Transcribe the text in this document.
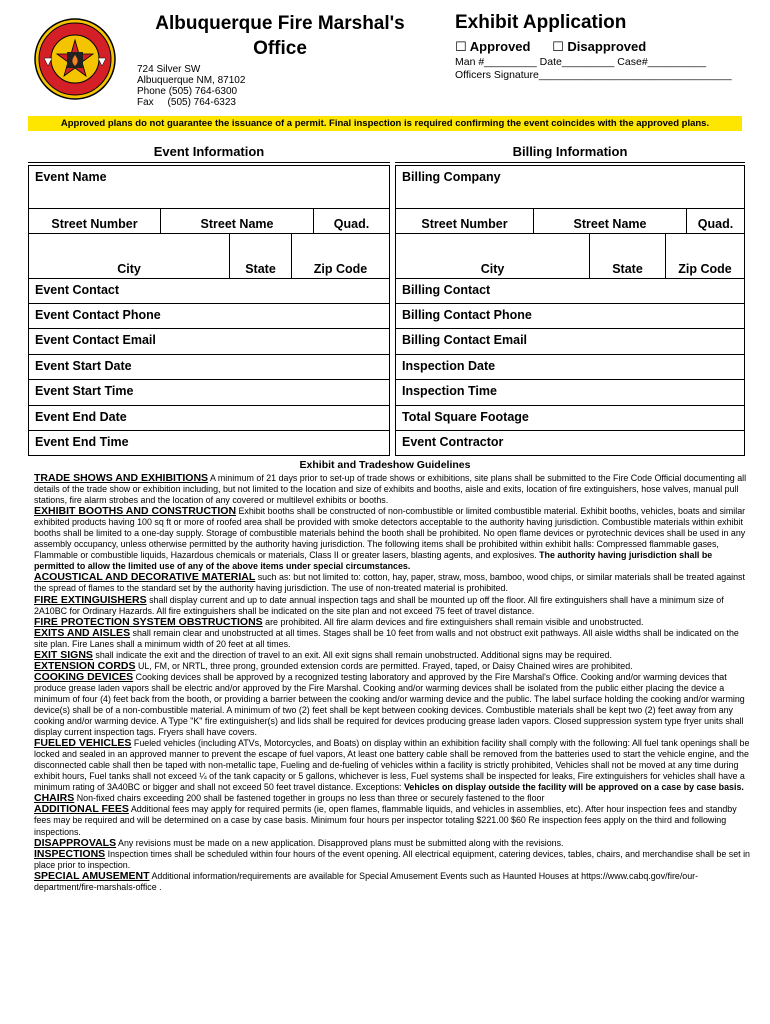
Albuquerque Fire Marshal's Office
724 Silver SW
Albuquerque NM, 87102
Phone (505) 764-6300
Fax     (505) 764-6323
Exhibit Application
☐ Approved ☐ Disapproved
Man #_________ Date_________ Case#__________
Officers Signature_________________________________
Approved plans do not guarantee the issuance of a permit. Final inspection is required confirming the event coincides with the approved plans.
Event Information
Event Name
Street Number	Street Name	Quad.
City	State	Zip Code
Event Contact
Event Contact Phone
Event Contact Email
Event Start Date
Event Start Time
Event End Date
Event End Time
Billing Information
Billing Company
Street Number	Street Name	Quad.
City	State	Zip Code
Billing Contact
Billing Contact Phone
Billing Contact Email
Inspection Date
Inspection Time
Total Square Footage
Event Contractor
Exhibit and Tradeshow Guidelines

TRADE SHOWS AND EXHIBITIONS A minimum of 21 days prior to set-up of trade shows or exhibitions, site plans shall be submitted to the Fire Code Official documenting all details of the trade show or exhibition including, but not limited to the location and size of exhibits and booths, aisle and exits, location of fire extinguishers, hose valves, manual pull stations, fire alarm strobes and the location of any covered or multilevel exhibits or booths.

EXHIBIT BOOTHS AND CONSTRUCTION Exhibit booths shall be constructed of non-combustible or limited combustible material. Exhibit booths, vehicles, boats and similar exhibited products having 100 sq ft or more of roofed area shall be provided with smoke detectors acceptable to the authority having jurisdiction. Combustible materials within exhibit booths shall be limited to a one-day supply. Storage of combustible materials behind the booth shall be prohibited. No open flame devices or pyrotechnic devices shall be used in any assembly occupancy, unless otherwise permitted by the authority having jurisdiction. The following items shall be prohibited within exhibit halls: Compressed flammable gases, Flammable or combustible liquids, Hazardous chemicals or materials, Class II or greater lasers, blasting agents, and explosives. The authority having jurisdiction shall be permitted to allow the limited use of any of the above items under special circumstances.

ACOUSTICAL AND DECORATIVE MATERIAL such as: but not limited to: cotton, hay, paper, straw, moss, bamboo, wood chips, or similar materials shall be treated against the spread of flames to the standard set by the authority having jurisdiction. The use of non-treated material is prohibited.

FIRE EXTINGUISHERS shall display current and up to date annual inspection tags and shall be mounted up off the floor. All fire extinguishers shall have a minimum size of 2A10BC for Ordinary Hazards. All fire extinguishers shall be indicated on the site plan and not exceed 75 feet of travel distance.

FIRE PROTECTION SYSTEM OBSTRUCTIONS are prohibited. All fire alarm devices and fire extinguishers shall remain visible and unobstructed.

EXITS AND AISLES shall remain clear and unobstructed at all times. Stages shall be 10 feet from walls and not obstruct exit pathways. All aisle widths shall be indicated on the site plan. Fire Lanes shall a minimum width of 20 feet at all times.

EXIT SIGNS shall indicate the exit and the direction of travel to an exit. All exit signs shall remain unobstructed. Additional signs may be required.

EXTENSION CORDS UL, FM, or NRTL, three prong, grounded extension cords are permitted. Frayed, taped, or Daisy Chained wires are prohibited.

COOKING DEVICES Cooking devices shall be approved by a recognized testing laboratory and approved by the Fire Marshal's Office. Cooking and/or warming devices that produce grease laden vapors shall be electric and/or approved by the Fire Marshal. Cooking and/or warming devices shall be isolated from the public either placing the device a minimum of four (4) feet back from the booth, or providing a barrier between the cooking and/or warming device and the public. The label surface holding the cooking and/or warming device(s) shall be of a non-combustible material. A minimum of two (2) feet shall be kept between cooking devices. Combustible materials shall be kept two (2) feet away from any cooking and/or warming device. A Type "K" fire extinguisher(s) and lids shall be required for devices producing grease laden vapors. Closed suppression system type fryer units shall display current inspection tags. Fryers shall have covers.

FUELED VEHICLES Fueled vehicles (including ATVs, Motorcycles, and Boats) on display within an exhibition facility shall comply with the following: All fuel tank openings shall be locked and sealed in an approved manner to prevent the escape of fuel vapors, At least one battery cable shall be removed from the batteries used to start the vehicle engine, and the disconnected cable shall then be taped with non-metallic tape, Fueling and de-fueling of vehicles within a facility is strictly prohibited, Vehicles shall not be moved at any time during exhibit hours, Fuel tanks shall not exceed ¼ of the tank capacity or 5 gallons, whichever is less, Fuel systems shall be inspected for leaks, Fire extinguishers for vehicles shall have a minimum rating of 3A40BC or bigger and shall not exceed 50 feet travel distance. Exceptions: Vehicles on display outside the facility will be approved on a case by case basis.

CHAIRS Non-fixed chairs exceeding 200 shall be fastened together in groups no less than three or securely fastened to the floor

ADDITIONAL FEES Additional fees may apply for required permits (ie, open flames, flammable liquids, and vehicles in assemblies, etc). After hour inspection fees and standby fees may be required and will be determined on a case by case basis. Minimum four hours per inspector totaling $221.00 $60 Re inspection fees apply on the third and following inspections.

DISAPPROVALS Any revisions must be made on a new application. Disapproved plans must be submitted along with the revisions.

INSPECTIONS Inspection times shall be scheduled within four hours of the event opening. All electrical equipment, catering devices, tables, chairs, and merchandise shall be set in place prior to inspection.

SPECIAL AMUSEMENT Additional information/requirements are available for Special Amusement Events such as Haunted Houses at https://www.cabq.gov/fire/our-department/fire-marshals-office .
